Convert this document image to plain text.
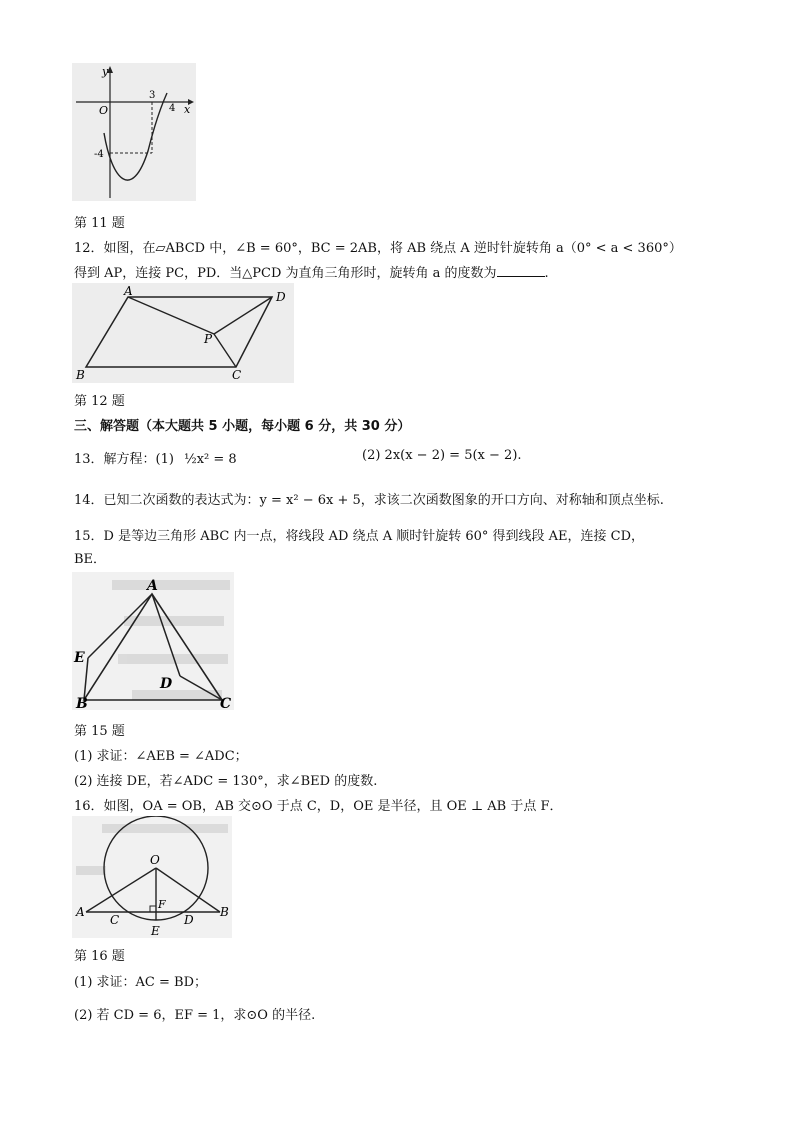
y
x
O
3
4
-4
第 11 题
12．如图，在▱ABCD 中，∠B = 60°，BC = 2AB，将 AB 绕点 A 逆时针旋转角 a（0° < a < 360°）
得到 AP，连接 PC，PD．当△PCD 为直角三角形时，旋转角 a 的度数为	.
A	D
P
B	C
第 12 题
三、解答题（本大题共 5 小题，每小题 6 分，共 30 分）
13．解方程：(1) ½x² = 8	(2) 2x(x − 2) = 5(x − 2).
14．已知二次函数的表达式为：y = x² − 6x + 5，求该二次函数图象的开口方向、对称轴和顶点坐标.
15．D 是等边三角形 ABC 内一点，将线段 AD 绕点 A 顺时针旋转 60° 得到线段 AE，连接 CD，
BE．
A
E
D
B	C
第 15 题
(1) 求证：∠AEB = ∠ADC；
(2) 连接 DE，若∠ADC = 130°，求∠BED 的度数.
16．如图，OA = OB，AB 交⊙O 于点 C，D，OE 是半径，且 OE ⊥ AB 于点 F．
O
F
A
C	D
B
E
第 16 题
(1) 求证：AC = BD；
(2) 若 CD = 6，EF = 1，求⊙O 的半径.
